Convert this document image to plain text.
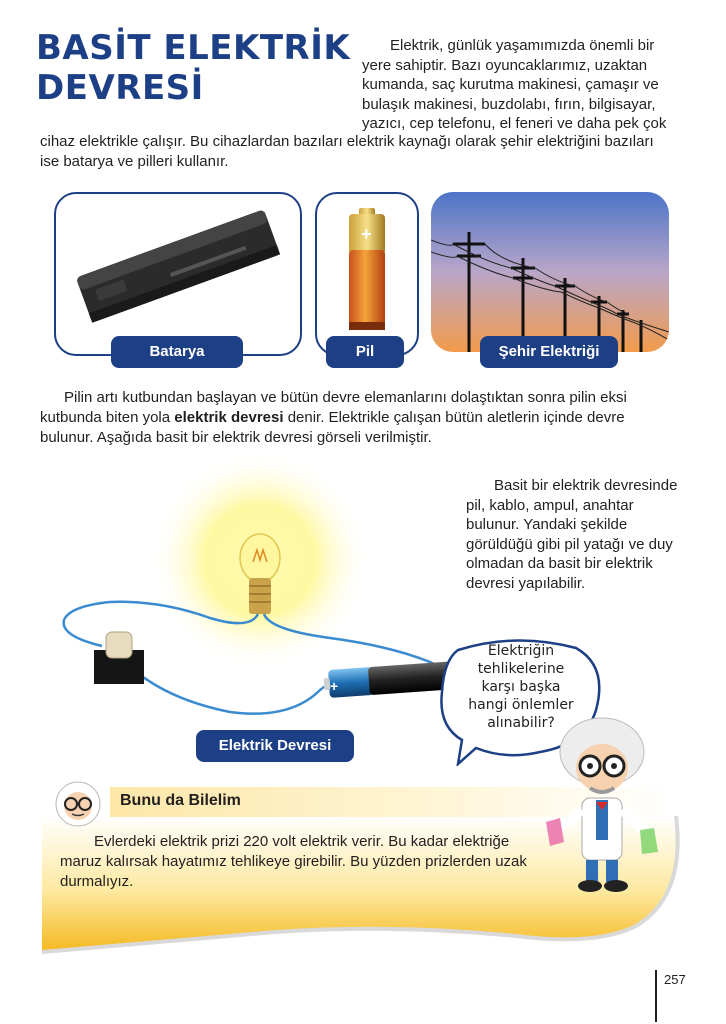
BASİT ELEKTRİK
DEVRESİ
Elektrik, günlük yaşamımızda önemli bir
yere sahiptir. Bazı oyuncaklarımız, uzaktan
kumanda, saç kurutma makinesi, çamaşır ve
bulaşık makinesi, buzdolabı, fırın, bilgisayar,
yazıcı, cep telefonu, el feneri ve daha pek çok
cihaz elektrikle çalışır. Bu cihazlardan bazıları elektrik kaynağı olarak şehir elektriğini bazıları
ise batarya ve pilleri kullanır.
Batarya
+
Pil	Şehir Elektriği
Pilin artı kutbundan başlayan ve bütün devre elemanlarını dolaştıktan sonra pilin eksi
kutbunda biten yola elektrik devresi denir. Elektrikle çalışan bütün aletlerin içinde devre
bulunur. Aşağıda basit bir elektrik devresi görseli verilmiştir.
+
Elektrik Devresi
Basit bir elektrik devresinde
pil, kablo, ampul, anahtar
bulunur. Yandaki şekilde
görüldüğü gibi pil yatağı ve duy
olmadan da basit bir elektrik
devresi yapılabilir.
Bunu da Bilelim
Evlerdeki elektrik prizi 220 volt elektrik verir. Bu kadar elektriğe
maruz kalırsak hayatımız tehlikeye girebilir. Bu yüzden prizlerden uzak
durmalıyız.
Elektriğin
tehlikelerine
karşı başka
hangi önlemler
alınabilir?
257
